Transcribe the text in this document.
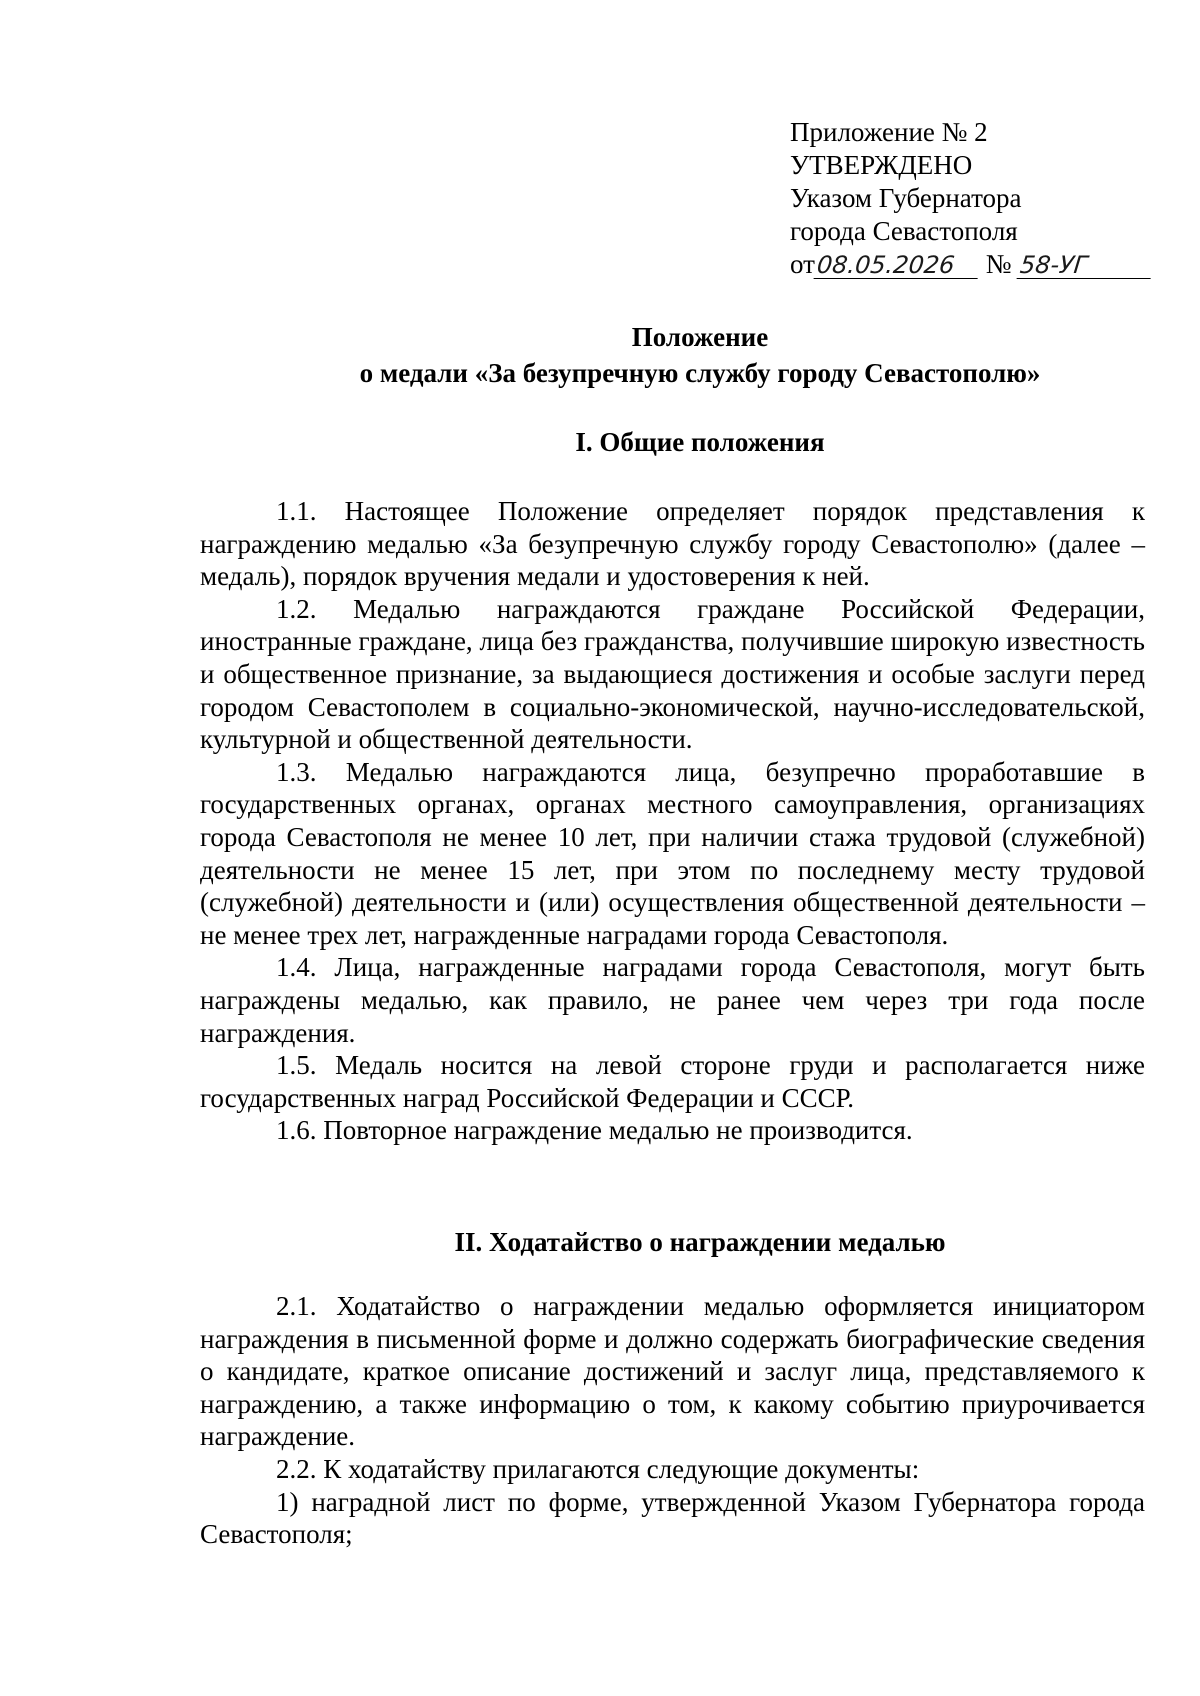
Приложение № 2
УТВЕРЖДЕНО
Указом Губернатора
города Севастополя
от08.05.2026 № 58-УГ
Положение
о медали «За безупречную службу городу Севастополю»
I. Общие положения

1.1. Настоящее Положение определяет порядок представления к награждению медалью «За безупречную службу городу Севастополю» (далее – медаль), порядок вручения медали и удостоверения к ней.

1.2. Медалью награждаются граждане Российской Федерации, иностранные граждане, лица без гражданства, получившие широкую известность и общественное признание, за выдающиеся достижения и особые заслуги перед городом Севастополем в социально-экономической, научно-исследовательской, культурной и общественной деятельности.

1.3. Медалью награждаются лица, безупречно проработавшие в государственных органах, органах местного самоуправления, организациях города Севастополя не менее 10 лет, при наличии стажа трудовой (служебной) деятельности не менее 15 лет, при этом по последнему месту трудовой (служебной) деятельности и (или) осуществления общественной деятельности – не менее трех лет, награжденные наградами города Севастополя.

1.4. Лица, награжденные наградами города Севастополя, могут быть награждены медалью, как правило, не ранее чем через три года после награждения.

1.5. Медаль носится на левой стороне груди и располагается ниже государственных наград Российской Федерации и СССР.

1.6. Повторное награждение медалью не производится.

II. Ходатайство о награждении медалью

2.1. Ходатайство о награждении медалью оформляется инициатором награждения в письменной форме и должно содержать биографические сведения о кандидате, краткое описание достижений и заслуг лица, представляемого к награждению, а также информацию о том, к какому событию приурочивается награждение.

2.2. К ходатайству прилагаются следующие документы:

1) наградной лист по форме, утвержденной Указом Губернатора города Севастополя;
